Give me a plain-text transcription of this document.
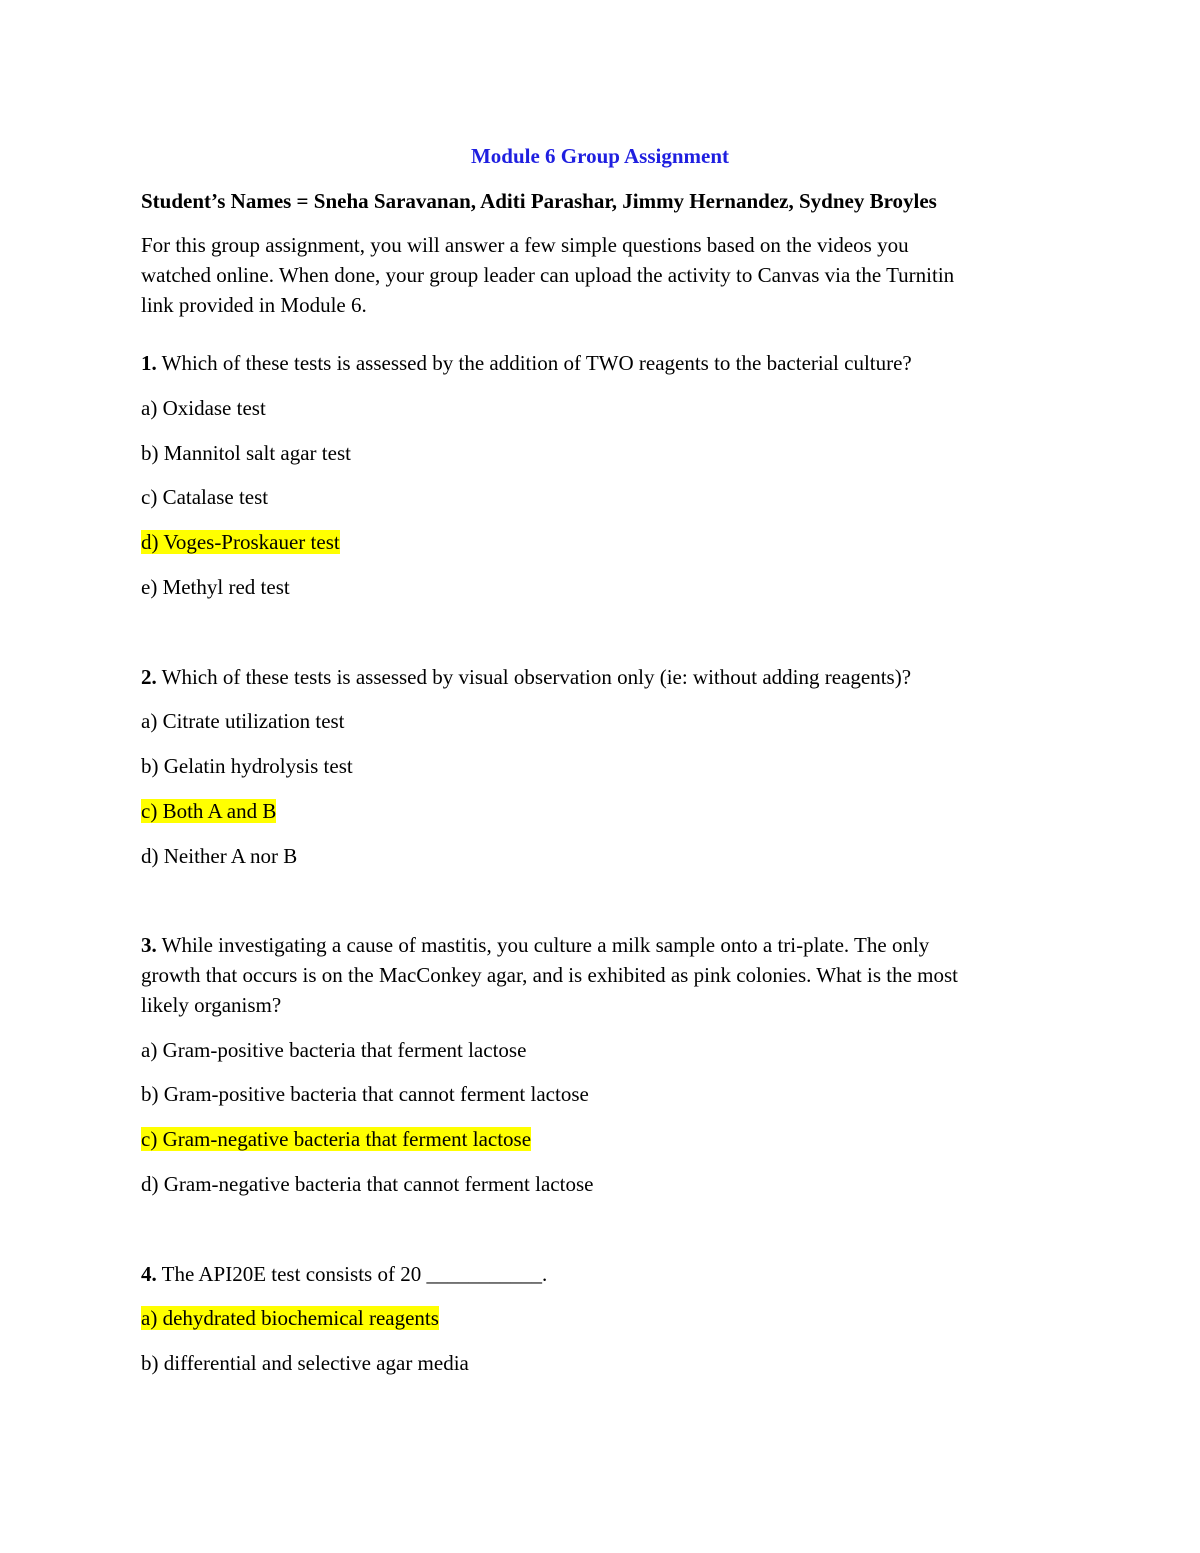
Module 6 Group Assignment
Student’s Names = Sneha Saravanan, Aditi Parashar, Jimmy Hernandez, Sydney Broyles
For this group assignment, you will answer a few simple questions based on the videos you
watched online. When done, your group leader can upload the activity to Canvas via the Turnitin
link provided in Module 6.
1. Which of these tests is assessed by the addition of TWO reagents to the bacterial culture?
a) Oxidase test
b) Mannitol salt agar test
c) Catalase test
d) Voges-Proskauer test
e) Methyl red test
2. Which of these tests is assessed by visual observation only (ie: without adding reagents)?
a) Citrate utilization test
b) Gelatin hydrolysis test
c) Both A and B
d) Neither A nor B
3. While investigating a cause of mastitis, you culture a milk sample onto a tri-plate. The only
growth that occurs is on the MacConkey agar, and is exhibited as pink colonies. What is the most
likely organism?
a) Gram-positive bacteria that ferment lactose
b) Gram-positive bacteria that cannot ferment lactose
c) Gram-negative bacteria that ferment lactose
d) Gram-negative bacteria that cannot ferment lactose
4. The API20E test consists of 20 ___________.
a) dehydrated biochemical reagents
b) differential and selective agar media
